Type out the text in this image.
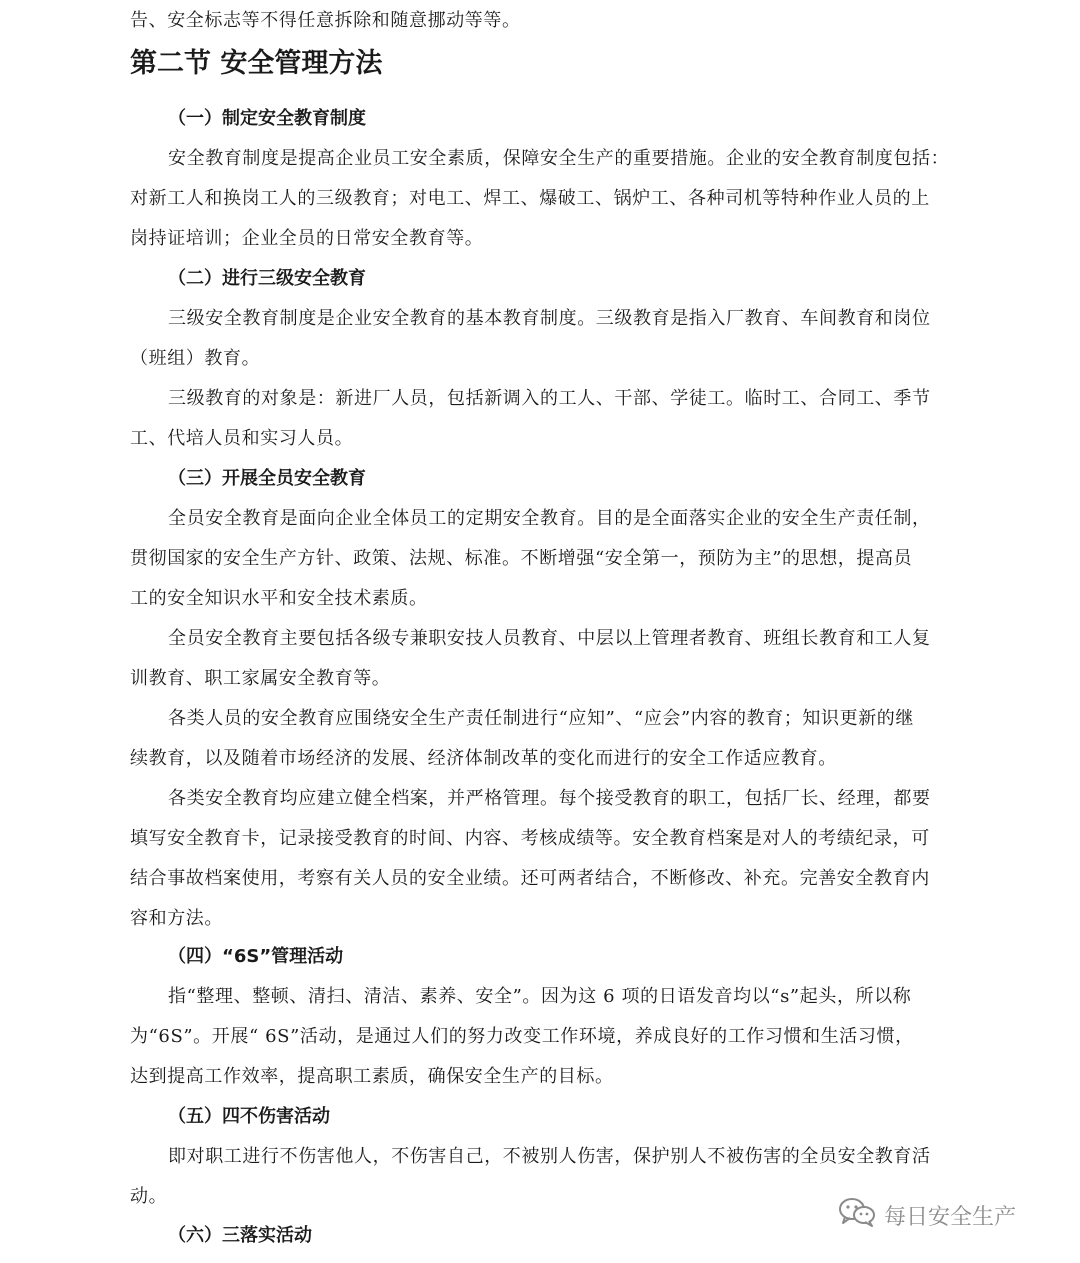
告、安全标志等不得任意拆除和随意挪动等等。
第二节 安全管理方法
（一）制定安全教育制度
安全教育制度是提高企业员工安全素质，保障安全生产的重要措施。企业的安全教育制度包括：
对新工人和换岗工人的三级教育；对电工、焊工、爆破工、锅炉工、各种司机等特种作业人员的上
岗持证培训；企业全员的日常安全教育等。
（二）进行三级安全教育
三级安全教育制度是企业安全教育的基本教育制度。三级教育是指入厂教育、车间教育和岗位
（班组）教育。
三级教育的对象是：新进厂人员，包括新调入的工人、干部、学徒工。临时工、合同工、季节
工、代培人员和实习人员。
（三）开展全员安全教育
全员安全教育是面向企业全体员工的定期安全教育。目的是全面落实企业的安全生产责任制，
贯彻国家的安全生产方针、政策、法规、标准。不断增强“安全第一，预防为主”的思想，提高员
工的安全知识水平和安全技术素质。
全员安全教育主要包括各级专兼职安技人员教育、中层以上管理者教育、班组长教育和工人复
训教育、职工家属安全教育等。
各类人员的安全教育应围绕安全生产责任制进行“应知”、“应会”内容的教育；知识更新的继
续教育，以及随着市场经济的发展、经济体制改革的变化而进行的安全工作适应教育。
各类安全教育均应建立健全档案，并严格管理。每个接受教育的职工，包括厂长、经理，都要
填写安全教育卡，记录接受教育的时间、内容、考核成绩等。安全教育档案是对人的考绩纪录，可
结合事故档案使用，考察有关人员的安全业绩。还可两者结合，不断修改、补充。完善安全教育内
容和方法。
（四）“6S”管理活动
指“整理、整顿、清扫、清洁、素养、安全”。因为这 6 项的日语发音均以“s”起头，所以称
为“6S”。开展“ 6S”活动，是通过人们的努力改变工作环境，养成良好的工作习惯和生活习惯，
达到提高工作效率，提高职工素质，确保安全生产的目标。
（五）四不伤害活动
即对职工进行不伤害他人，不伤害自己，不被别人伤害，保护别人不被伤害的全员安全教育活
动。
（六）三落实活动
每日安全生产
